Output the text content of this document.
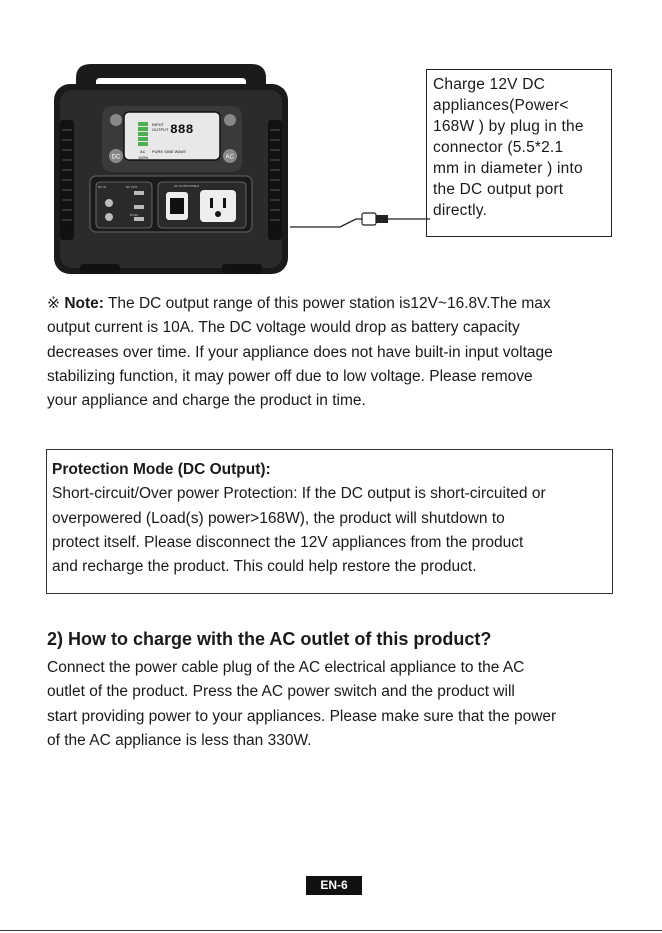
INPUT
OUTPUT 888
AC PURE SINE WAVE
100%
DC	AC
DC IN	DC OUT
5V/3A
AC OUTPUT/50Hz
Charge 12V DC
appliances(Power<
168W ) by plug in the
connector (5.5*2.1
mm in diameter ) into
the DC output port
directly.
※ Note: The DC output range of this power station is12V~16.8V.The max
output current is 10A. The DC voltage would drop as battery capacity
decreases over time. If your appliance does not have built-in input voltage
stabilizing function, it may power off due to low voltage. Please remove
your appliance and charge the product in time.
Protection Mode (DC Output):
Short-circuit/Over power Protection: If the DC output is short-circuited or
overpowered (Load(s) power>168W), the product will shutdown to
protect itself. Please disconnect the 12V appliances from the product
and recharge the product. This could help restore the product.
2) How to charge with the AC outlet of this product?
Connect the power cable plug of the AC electrical appliance to the AC
outlet of the product. Press the AC power switch and the product will
start providing power to your appliances. Please make sure that the power
of the AC appliance is less than 330W.
EN-6
